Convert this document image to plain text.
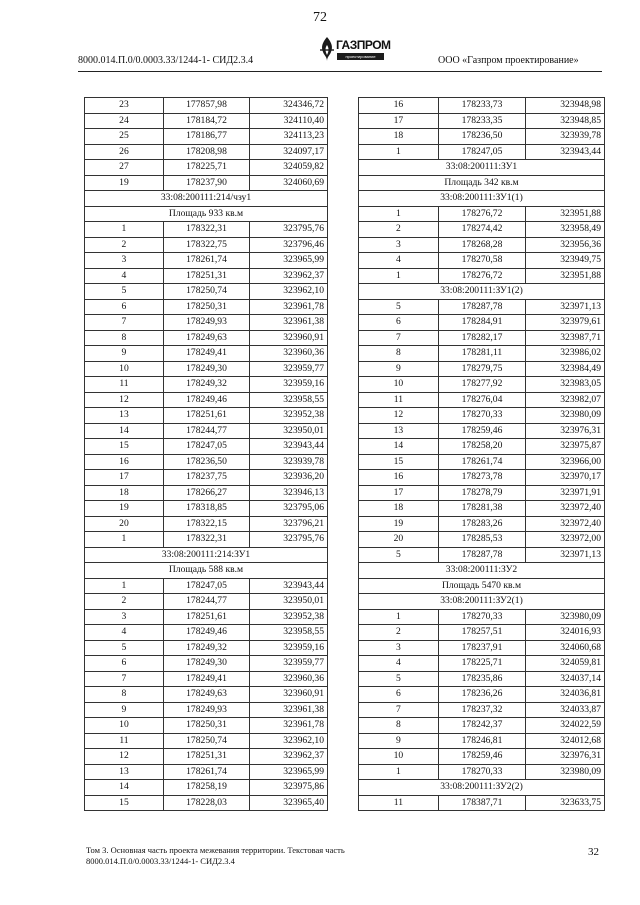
72
8000.014.П.0/0.0003.33/1244-1- СИД2.3.4
ГАЗПРОМ
проектирование	ООО «Газпром проектирование»
23	177857,98	324346,72
24	178184,72	324110,40
25	178186,77	324113,23
26	178208,98	324097,17
27	178225,71	324059,82
19	178237,90	324060,69
33:08:200111:214/чзу1		
Площадь 933 кв.м		
1	178322,31	323795,76
2	178322,75	323796,46
3	178261,74	323965,99
4	178251,31	323962,37
5	178250,74	323962,10
6	178250,31	323961,78
7	178249,93	323961,38
8	178249,63	323960,91
9	178249,41	323960,36
10	178249,30	323959,77
11	178249,32	323959,16
12	178249,46	323958,55
13	178251,61	323952,38
14	178244,77	323950,01
15	178247,05	323943,44
16	178236,50	323939,78
17	178237,75	323936,20
18	178266,27	323946,13
19	178318,85	323795,06
20	178322,15	323796,21
1	178322,31	323795,76
33:08:200111:214:ЗУ1		
Площадь 588 кв.м		
1	178247,05	323943,44
2	178244,77	323950,01
3	178251,61	323952,38
4	178249,46	323958,55
5	178249,32	323959,16
6	178249,30	323959,77
7	178249,41	323960,36
8	178249,63	323960,91
9	178249,93	323961,38
10	178250,31	323961,78
11	178250,74	323962,10
12	178251,31	323962,37
13	178261,74	323965,99
14	178258,19	323975,86
15	178228,03	323965,40
16	178233,73	323948,98
17	178233,35	323948,85
18	178236,50	323939,78
1	178247,05	323943,44
33:08:200111:ЗУ1		
Площадь 342 кв.м		
33:08:200111:ЗУ1(1)		
1	178276,72	323951,88
2	178274,42	323958,49
3	178268,28	323956,36
4	178270,58	323949,75
1	178276,72	323951,88
33:08:200111:ЗУ1(2)		
5	178287,78	323971,13
6	178284,91	323979,61
7	178282,17	323987,71
8	178281,11	323986,02
9	178279,75	323984,49
10	178277,92	323983,05
11	178276,04	323982,07
12	178270,33	323980,09
13	178259,46	323976,31
14	178258,20	323975,87
15	178261,74	323966,00
16	178273,78	323970,17
17	178278,79	323971,91
18	178281,38	323972,40
19	178283,26	323972,40
20	178285,53	323972,00
5	178287,78	323971,13
33:08:200111:ЗУ2		
Площадь 5470 кв.м		
33:08:200111:ЗУ2(1)		
1	178270,33	323980,09
2	178257,51	324016,93
3	178237,91	324060,68
4	178225,71	324059,81
5	178235,86	324037,14
6	178236,26	324036,81
7	178237,32	324033,87
8	178242,37	324022,59
9	178246,81	324012,68
10	178259,46	323976,31
1	178270,33	323980,09
33:08:200111:ЗУ2(2)		
11	178387,71	323633,75
Том 3. Основная часть проекта межевания территории. Текстовая часть
8000.014.П.0/0.0003.33/1244-1- СИД2.3.4
32
